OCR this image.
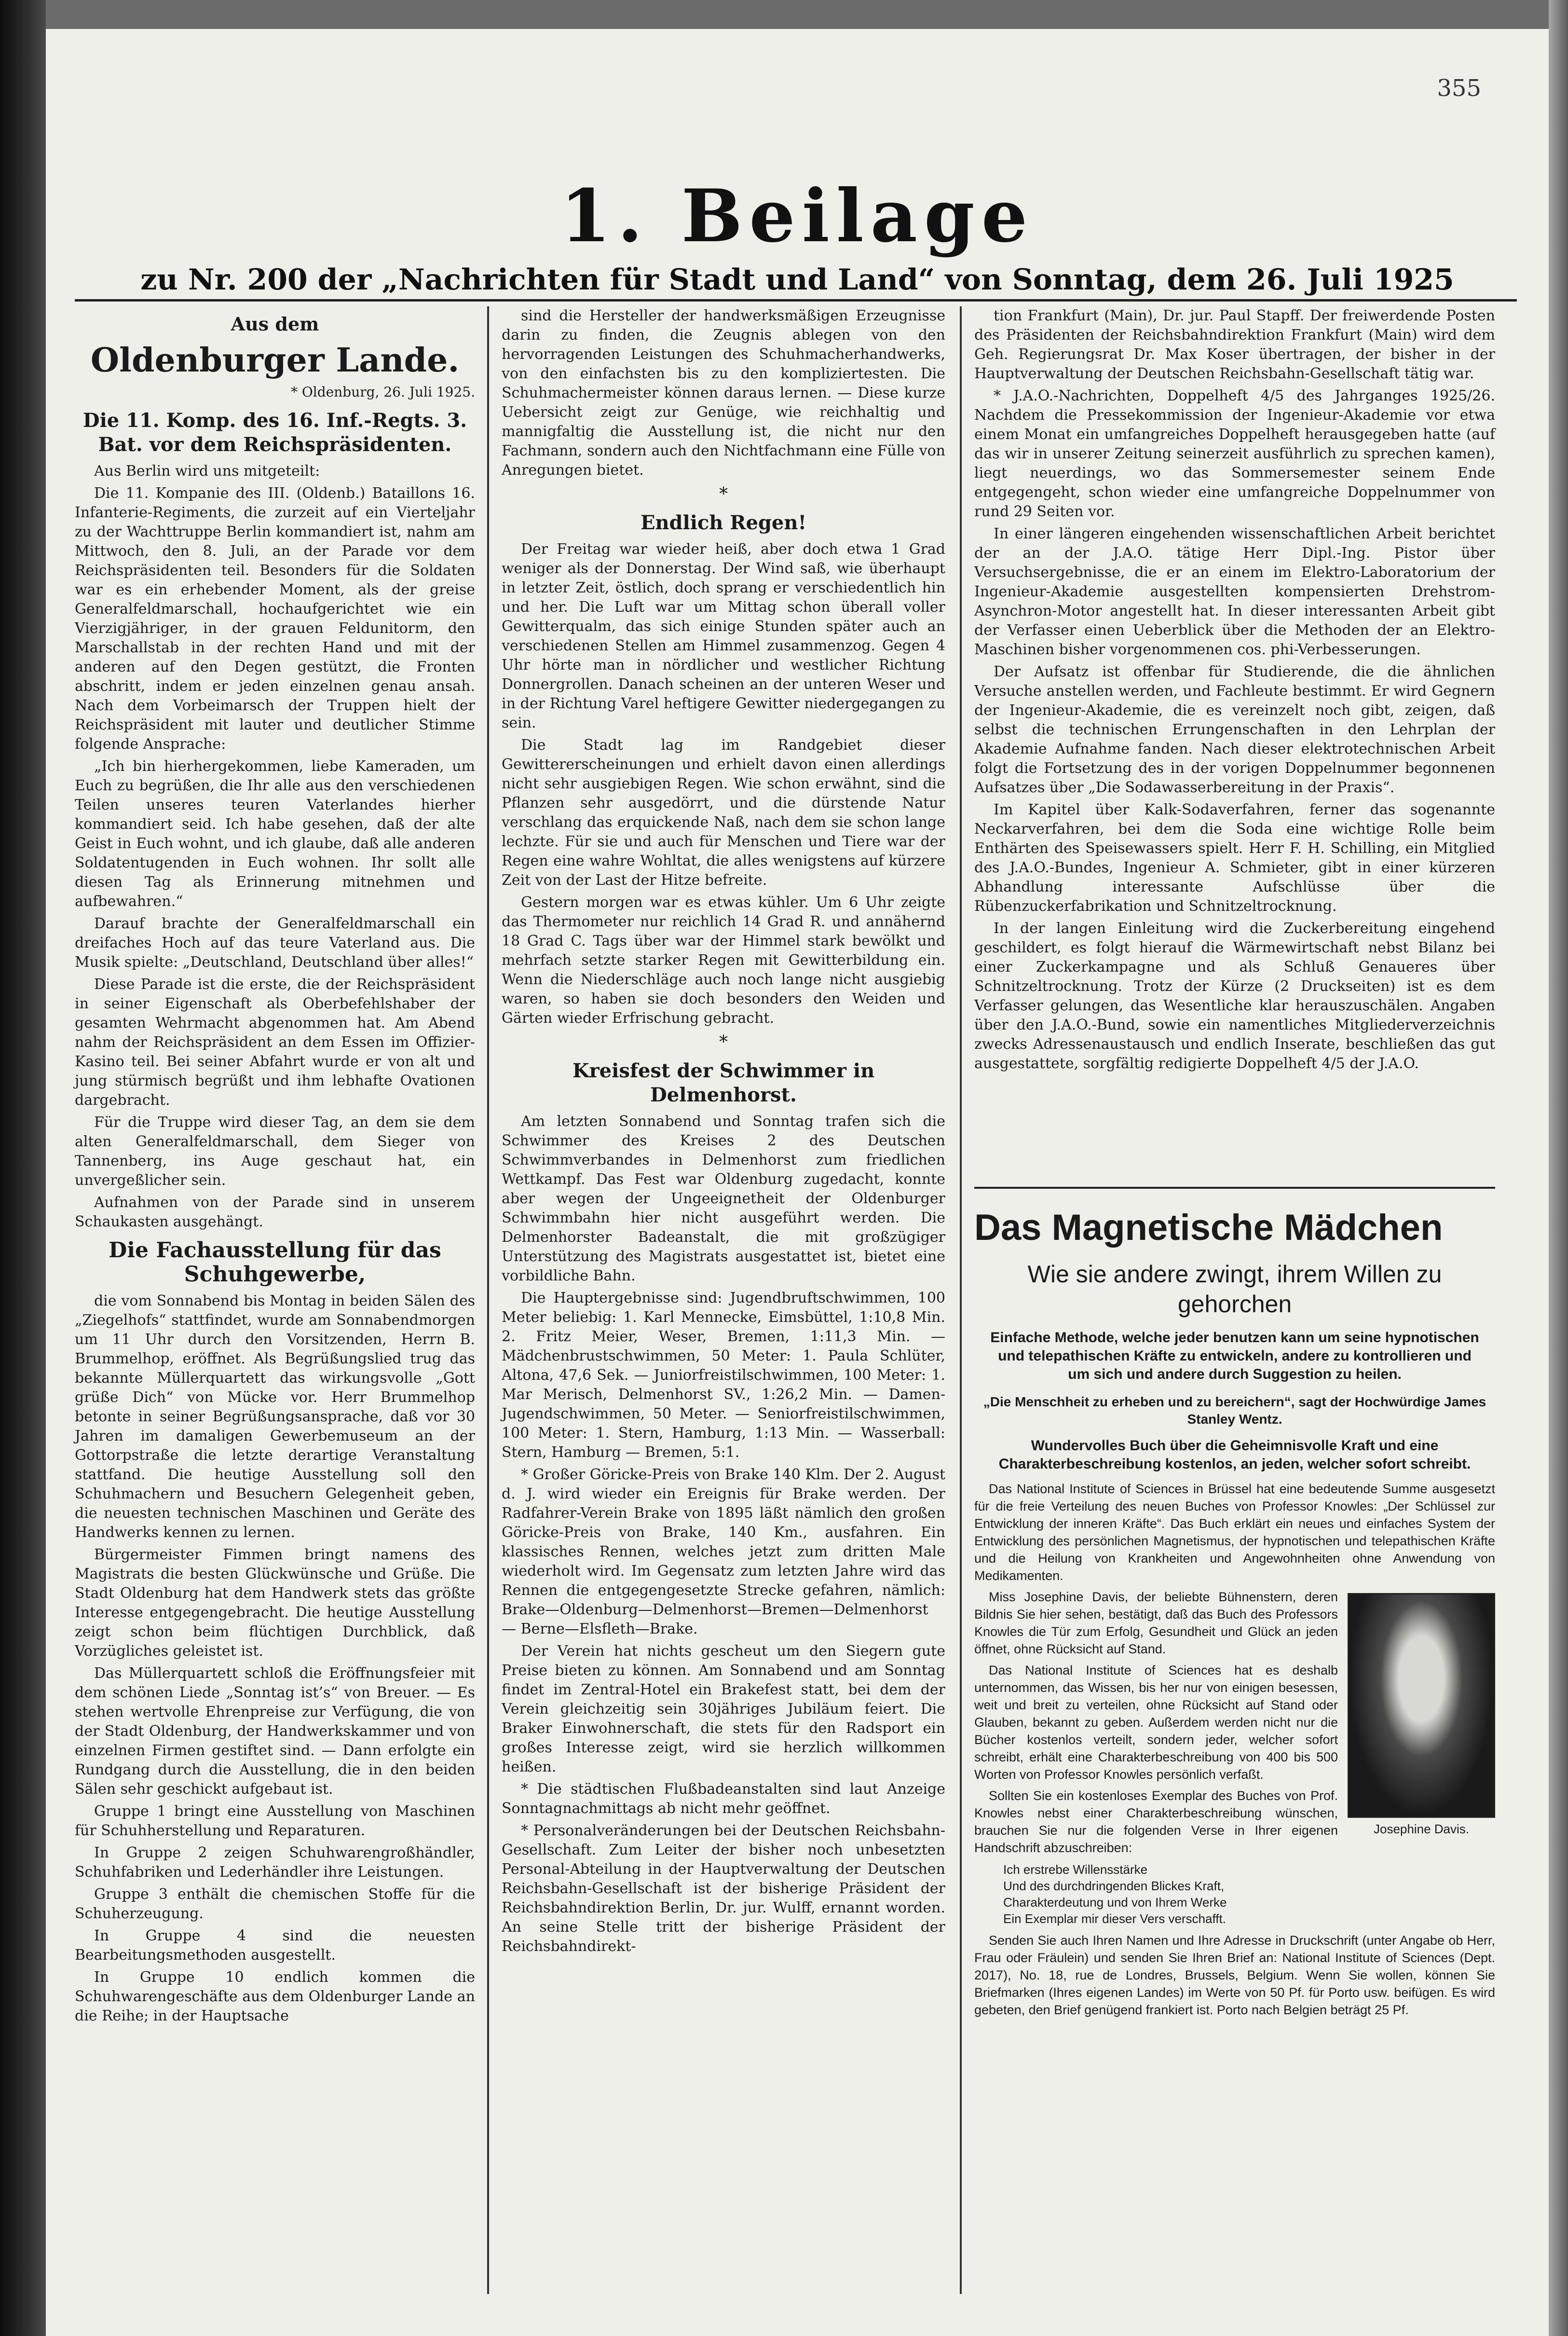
355
1. Beilage
zu Nr. 200 der „Nachrichten für Stadt und Land“ von Sonntag, dem 26. Juli 1925
Aus dem
Oldenburger Lande.
* Oldenburg, 26. Juli 1925.
Die 11. Komp. des 16. Inf.-Regts. 3. Bat. vor dem Reichspräsidenten.

Aus Berlin wird uns mitgeteilt:

Die 11. Kompanie des III. (Oldenb.) Bataillons 16. Infanterie-Regiments, die zurzeit auf ein Vierteljahr zu der Wachttruppe Berlin kommandiert ist, nahm am Mittwoch, den 8. Juli, an der Parade vor dem Reichspräsidenten teil. Besonders für die Soldaten war es ein erhebender Moment, als der greise Generalfeldmarschall, hochaufgerichtet wie ein Vierzigjähriger, in der grauen Feldunitorm, den Marschallstab in der rechten Hand und mit der anderen auf den Degen gestützt, die Fronten abschritt, indem er jeden einzelnen genau ansah. Nach dem Vorbeimarsch der Truppen hielt der Reichspräsident mit lauter und deutlicher Stimme folgende Ansprache:

„Ich bin hierhergekommen, liebe Kameraden, um Euch zu begrüßen, die Ihr alle aus den verschiedenen Teilen unseres teuren Vaterlandes hierher kommandiert seid. Ich habe gesehen, daß der alte Geist in Euch wohnt, und ich glaube, daß alle anderen Soldatentugenden in Euch wohnen. Ihr sollt alle diesen Tag als Erinnerung mitnehmen und aufbewahren.“

Darauf brachte der Generalfeldmarschall ein dreifaches Hoch auf das teure Vaterland aus. Die Musik spielte: „Deutschland, Deutschland über alles!“

Diese Parade ist die erste, die der Reichspräsident in seiner Eigenschaft als Oberbefehlshaber der gesamten Wehrmacht abgenommen hat. Am Abend nahm der Reichspräsident an dem Essen im Offizier-Kasino teil. Bei seiner Abfahrt wurde er von alt und jung stürmisch begrüßt und ihm lebhafte Ovationen dargebracht.

Für die Truppe wird dieser Tag, an dem sie dem alten Generalfeldmarschall, dem Sieger von Tannenberg, ins Auge geschaut hat, ein unvergeßlicher sein.

Aufnahmen von der Parade sind in unserem Schaukasten ausgehängt.

Die Fachausstellung für das Schuhgewerbe,

die vom Sonnabend bis Montag in beiden Sälen des „Ziegelhofs“ stattfindet, wurde am Sonnabendmorgen um 11 Uhr durch den Vorsitzenden, Herrn B. Brummelhop, eröffnet. Als Begrüßungslied trug das bekannte Müllerquartett das wirkungsvolle „Gott grüße Dich“ von Mücke vor. Herr Brummelhop betonte in seiner Begrüßungsansprache, daß vor 30 Jahren im damaligen Gewerbemuseum an der Gottorpstraße die letzte derartige Veranstaltung stattfand. Die heutige Ausstellung soll den Schuhmachern und Besuchern Gelegenheit geben, die neuesten technischen Maschinen und Geräte des Handwerks kennen zu lernen.

Bürgermeister Fimmen bringt namens des Magistrats die besten Glückwünsche und Grüße. Die Stadt Oldenburg hat dem Handwerk stets das größte Interesse entgegengebracht. Die heutige Ausstellung zeigt schon beim flüchtigen Durchblick, daß Vorzügliches geleistet ist.

Das Müllerquartett schloß die Eröffnungsfeier mit dem schönen Liede „Sonntag ist’s“ von Breuer. — Es stehen wertvolle Ehrenpreise zur Verfügung, die von der Stadt Oldenburg, der Handwerkskammer und von einzelnen Firmen gestiftet sind. — Dann erfolgte ein Rundgang durch die Ausstellung, die in den beiden Sälen sehr geschickt aufgebaut ist.

Gruppe 1 bringt eine Ausstellung von Maschinen für Schuhherstellung und Reparaturen.

In Gruppe 2 zeigen Schuhwarengroßhändler, Schuhfabriken und Lederhändler ihre Leistungen.

Gruppe 3 enthält die chemischen Stoffe für die Schuherzeugung.

In Gruppe 4 sind die neuesten Bearbeitungsmethoden ausgestellt.

In Gruppe 10 endlich kommen die Schuhwarengeschäfte aus dem Oldenburger Lande an die Reihe; in der Hauptsache

sind die Hersteller der handwerksmäßigen Erzeugnisse darin zu finden, die Zeugnis ablegen von den hervorragenden Leistungen des Schuhmacherhandwerks, von den einfachsten bis zu den kompliziertesten. Die Schuhmachermeister können daraus lernen. — Diese kurze Uebersicht zeigt zur Genüge, wie reichhaltig und mannigfaltig die Ausstellung ist, die nicht nur den Fachmann, sondern auch den Nichtfachmann eine Fülle von Anregungen bietet.

*
Endlich Regen!

Der Freitag war wieder heiß, aber doch etwa 1 Grad weniger als der Donnerstag. Der Wind saß, wie überhaupt in letzter Zeit, östlich, doch sprang er verschiedentlich hin und her. Die Luft war um Mittag schon überall voller Gewitterqualm, das sich einige Stunden später auch an verschiedenen Stellen am Himmel zusammenzog. Gegen 4 Uhr hörte man in nördlicher und westlicher Richtung Donnergrollen. Danach scheinen an der unteren Weser und in der Richtung Varel heftigere Gewitter niedergegangen zu sein.

Die Stadt lag im Randgebiet dieser Gewittererscheinungen und erhielt davon einen allerdings nicht sehr ausgiebigen Regen. Wie schon erwähnt, sind die Pflanzen sehr ausgedörrt, und die dürstende Natur verschlang das erquickende Naß, nach dem sie schon lange lechzte. Für sie und auch für Menschen und Tiere war der Regen eine wahre Wohltat, die alles wenigstens auf kürzere Zeit von der Last der Hitze befreite.

Gestern morgen war es etwas kühler. Um 6 Uhr zeigte das Thermometer nur reichlich 14 Grad R. und annähernd 18 Grad C. Tags über war der Himmel stark bewölkt und mehrfach setzte starker Regen mit Gewitterbildung ein. Wenn die Niederschläge auch noch lange nicht ausgiebig waren, so haben sie doch besonders den Weiden und Gärten wieder Erfrischung gebracht.

*
Kreisfest der Schwimmer in Delmenhorst.

Am letzten Sonnabend und Sonntag trafen sich die Schwimmer des Kreises 2 des Deutschen Schwimmverbandes in Delmenhorst zum friedlichen Wettkampf. Das Fest war Oldenburg zugedacht, konnte aber wegen der Ungeeignetheit der Oldenburger Schwimmbahn hier nicht ausgeführt werden. Die Delmenhorster Badeanstalt, die mit großzügiger Unterstützung des Magistrats ausgestattet ist, bietet eine vorbildliche Bahn.

Die Hauptergebnisse sind: Jugendbruftschwimmen, 100 Meter beliebig: 1. Karl Mennecke, Eimsbüttel, 1:10,8 Min. 2. Fritz Meier, Weser, Bremen, 1:11,3 Min. — Mädchenbrustschwimmen, 50 Meter: 1. Paula Schlüter, Altona, 47,6 Sek. — Juniorfreistilschwimmen, 100 Meter: 1. Mar Merisch, Delmenhorst SV., 1:26,2 Min. — Damen-Jugendschwimmen, 50 Meter. — Seniorfreistilschwimmen, 100 Meter: 1. Stern, Hamburg, 1:13 Min. — Wasserball: Stern, Hamburg — Bremen, 5:1.

* Großer Göricke-Preis von Brake 140 Klm. Der 2. August d. J. wird wieder ein Ereignis für Brake werden. Der Radfahrer-Verein Brake von 1895 läßt nämlich den großen Göricke-Preis von Brake, 140 Km., ausfahren. Ein klassisches Rennen, welches jetzt zum dritten Male wiederholt wird. Im Gegensatz zum letzten Jahre wird das Rennen die entgegengesetzte Strecke gefahren, nämlich: Brake—Oldenburg—Delmenhorst—Bremen—Delmenhorst — Berne—Elsfleth—Brake.

Der Verein hat nichts gescheut um den Siegern gute Preise bieten zu können. Am Sonnabend und am Sonntag findet im Zentral-Hotel ein Brakefest statt, bei dem der Verein gleichzeitig sein 30jähriges Jubiläum feiert. Die Braker Einwohnerschaft, die stets für den Radsport ein großes Interesse zeigt, wird sie herzlich willkommen heißen.

* Die städtischen Flußbadeanstalten sind laut Anzeige Sonntagnachmittags ab nicht mehr geöffnet.

* Personalveränderungen bei der Deutschen Reichsbahn-Gesellschaft. Zum Leiter der bisher noch unbesetzten Personal-Abteilung in der Hauptverwaltung der Deutschen Reichsbahn-Gesellschaft ist der bisherige Präsident der Reichsbahndirektion Berlin, Dr. jur. Wulff, ernannt worden. An seine Stelle tritt der bisherige Präsident der Reichsbahndirekt-

tion Frankfurt (Main), Dr. jur. Paul Stapff. Der freiwerdende Posten des Präsidenten der Reichsbahndirektion Frankfurt (Main) wird dem Geh. Regierungsrat Dr. Max Koser übertragen, der bisher in der Hauptverwaltung der Deutschen Reichsbahn-Gesellschaft tätig war.

* J.A.O.-Nachrichten, Doppelheft 4/5 des Jahrganges 1925/26. Nachdem die Pressekommission der Ingenieur-Akademie vor etwa einem Monat ein umfangreiches Doppelheft herausgegeben hatte (auf das wir in unserer Zeitung seinerzeit ausführlich zu sprechen kamen), liegt neuerdings, wo das Sommersemester seinem Ende entgegengeht, schon wieder eine umfangreiche Doppelnummer von rund 29 Seiten vor.

In einer längeren eingehenden wissenschaftlichen Arbeit berichtet der an der J.A.O. tätige Herr Dipl.-Ing. Pistor über Versuchsergebnisse, die er an einem im Elektro-Laboratorium der Ingenieur-Akademie ausgestellten kompensierten Drehstrom-Asynchron-Motor angestellt hat. In dieser interessanten Arbeit gibt der Verfasser einen Ueberblick über die Methoden der an Elektro-Maschinen bisher vorgenommenen cos. phi-Verbesserungen.

Der Aufsatz ist offenbar für Studierende, die die ähnlichen Versuche anstellen werden, und Fachleute bestimmt. Er wird Gegnern der Ingenieur-Akademie, die es vereinzelt noch gibt, zeigen, daß selbst die technischen Errungenschaften in den Lehrplan der Akademie Aufnahme fanden. Nach dieser elektrotechnischen Arbeit folgt die Fortsetzung des in der vorigen Doppelnummer begonnenen Aufsatzes über „Die Sodawasserbereitung in der Praxis“.

Im Kapitel über Kalk-Sodaverfahren, ferner das sogenannte Neckarverfahren, bei dem die Soda eine wichtige Rolle beim Enthärten des Speisewassers spielt. Herr F. H. Schilling, ein Mitglied des J.A.O.-Bundes, Ingenieur A. Schmieter, gibt in einer kürzeren Abhandlung interessante Aufschlüsse über die Rübenzuckerfabrikation und Schnitzeltrocknung.

In der langen Einleitung wird die Zuckerbereitung eingehend geschildert, es folgt hierauf die Wärmewirtschaft nebst Bilanz bei einer Zuckerkampagne und als Schluß Genaueres über Schnitzeltrocknung. Trotz der Kürze (2 Druckseiten) ist es dem Verfasser gelungen, das Wesentliche klar herauszuschälen. Angaben über den J.A.O.-Bund, sowie ein namentliches Mitgliederverzeichnis zwecks Adressenaustausch und endlich Inserate, beschließen das gut ausgestattete, sorgfältig redigierte Doppelheft 4/5 der J.A.O.

Das Magnetische Mädchen
Wie sie andere zwingt, ihrem Willen zu gehorchen
Einfache Methode, welche jeder benutzen kann um seine hypnotischen und telepathischen Kräfte zu entwickeln, andere zu kontrollieren und um sich und andere durch Suggestion zu heilen.
„Die Menschheit zu erheben und zu bereichern“, sagt der Hochwürdige James Stanley Wentz.
Wundervolles Buch über die Geheimnisvolle Kraft und eine Charakterbeschreibung kostenlos, an jeden, welcher sofort schreibt.

Das National Institute of Sciences in Brüssel hat eine bedeutende Summe ausgesetzt für die freie Verteilung des neuen Buches von Professor Knowles: „Der Schlüssel zur Entwicklung der inneren Kräfte“. Das Buch erklärt ein neues und einfaches System der Entwicklung des persönlichen Magnetismus, der hypnotischen und telepathischen Kräfte und die Heilung von Krankheiten und Angewohnheiten ohne Anwendung von Medikamenten.

Josephine Davis.

Miss Josephine Davis, der beliebte Bühnenstern, deren Bildnis Sie hier sehen, bestätigt, daß das Buch des Professors Knowles die Tür zum Erfolg, Gesundheit und Glück an jeden öffnet, ohne Rücksicht auf Stand.

Das National Institute of Sciences hat es deshalb unternommen, das Wissen, bis her nur von einigen besessen, weit und breit zu verteilen, ohne Rücksicht auf Stand oder Glauben, bekannt zu geben. Außerdem werden nicht nur die Bücher kostenlos verteilt, sondern jeder, welcher sofort schreibt, erhält eine Charakterbeschreibung von 400 bis 500 Worten von Professor Knowles persönlich verfaßt.

Sollten Sie ein kostenloses Exemplar des Buches von Prof. Knowles nebst einer Charakterbeschreibung wünschen, brauchen Sie nur die folgenden Verse in Ihrer eigenen Handschrift abzuschreiben:

Ich erstrebe Willensstärke
Und des durchdringenden Blickes Kraft,
Charakterdeutung und von Ihrem Werke
Ein Exemplar mir dieser Vers verschafft.

Senden Sie auch Ihren Namen und Ihre Adresse in Druckschrift (unter Angabe ob Herr, Frau oder Fräulein) und senden Sie Ihren Brief an: National Institute of Sciences (Dept. 2017), No. 18, rue de Londres, Brussels, Belgium. Wenn Sie wollen, können Sie Briefmarken (Ihres eigenen Landes) im Werte von 50 Pf. für Porto usw. beifügen. Es wird gebeten, den Brief genügend frankiert ist. Porto nach Belgien beträgt 25 Pf.
